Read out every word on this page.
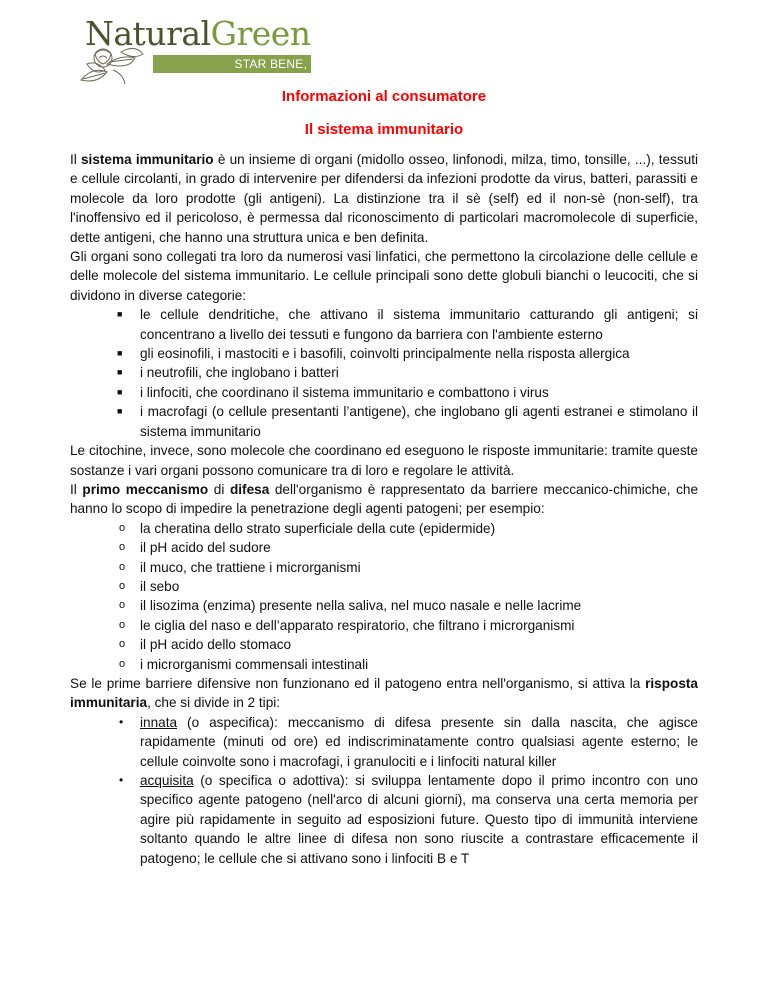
NaturalGreen
STAR BENE, NATURALMENTE
Informazioni al consumatore
Il sistema immunitario

Il sistema immunitario è un insieme di organi (midollo osseo, linfonodi, milza, timo, tonsille, ...), tessuti e cellule circolanti, in grado di intervenire per difendersi da infezioni prodotte da virus, batteri, parassiti e molecole da loro prodotte (gli antigeni). La distinzione tra il sè (self) ed il non-sè (non-self), tra l'inoffensivo ed il pericoloso, è permessa dal riconoscimento di particolari macromolecole di superficie, dette antigeni, che hanno una struttura unica e ben definita.

Gli organi sono collegati tra loro da numerosi vasi linfatici, che permettono la circolazione delle cellule e delle molecole del sistema immunitario. Le cellule principali sono dette globuli bianchi o leucociti, che si dividono in diverse categorie:

■ le cellule dendritiche, che attivano il sistema immunitario catturando gli antigeni; si concentrano a livello dei tessuti e fungono da barriera con l'ambiente esterno
■ gli eosinofili, i mastociti e i basofili, coinvolti principalmente nella risposta allergica
■ i neutrofili, che inglobano i batteri
■ i linfociti, che coordinano il sistema immunitario e combattono i virus
■ i macrofagi (o cellule presentanti l’antigene), che inglobano gli agenti estranei e stimolano il sistema immunitario

Le citochine, invece, sono molecole che coordinano ed eseguono le risposte immunitarie: tramite queste sostanze i vari organi possono comunicare tra di loro e regolare le attività.

Il primo meccanismo di difesa dell'organismo è rappresentato da barriere meccanico-chimiche, che hanno lo scopo di impedire la penetrazione degli agenti patogeni; per esempio:

o la cheratina dello strato superficiale della cute (epidermide)
o il pH acido del sudore
o il muco, che trattiene i microrganismi
o il sebo
o il lisozima (enzima) presente nella saliva, nel muco nasale e nelle lacrime
o le ciglia del naso e dell’apparato respiratorio, che filtrano i microrganismi
o il pH acido dello stomaco
o i microrganismi commensali intestinali

Se le prime barriere difensive non funzionano ed il patogeno entra nell'organismo, si attiva la risposta immunitaria, che si divide in 2 tipi:

• innata (o aspecifica): meccanismo di difesa presente sin dalla nascita, che agisce rapidamente (minuti od ore) ed indiscriminatamente contro qualsiasi agente esterno; le cellule coinvolte sono i macrofagi, i granulociti e i linfociti natural killer
• acquisita (o specifica o adottiva): si sviluppa lentamente dopo il primo incontro con uno specifico agente patogeno (nell'arco di alcuni giorni), ma conserva una certa memoria per agire più rapidamente in seguito ad esposizioni future. Questo tipo di immunità interviene soltanto quando le altre linee di difesa non sono riuscite a contrastare efficacemente il patogeno; le cellule che si attivano sono i linfociti B e T
